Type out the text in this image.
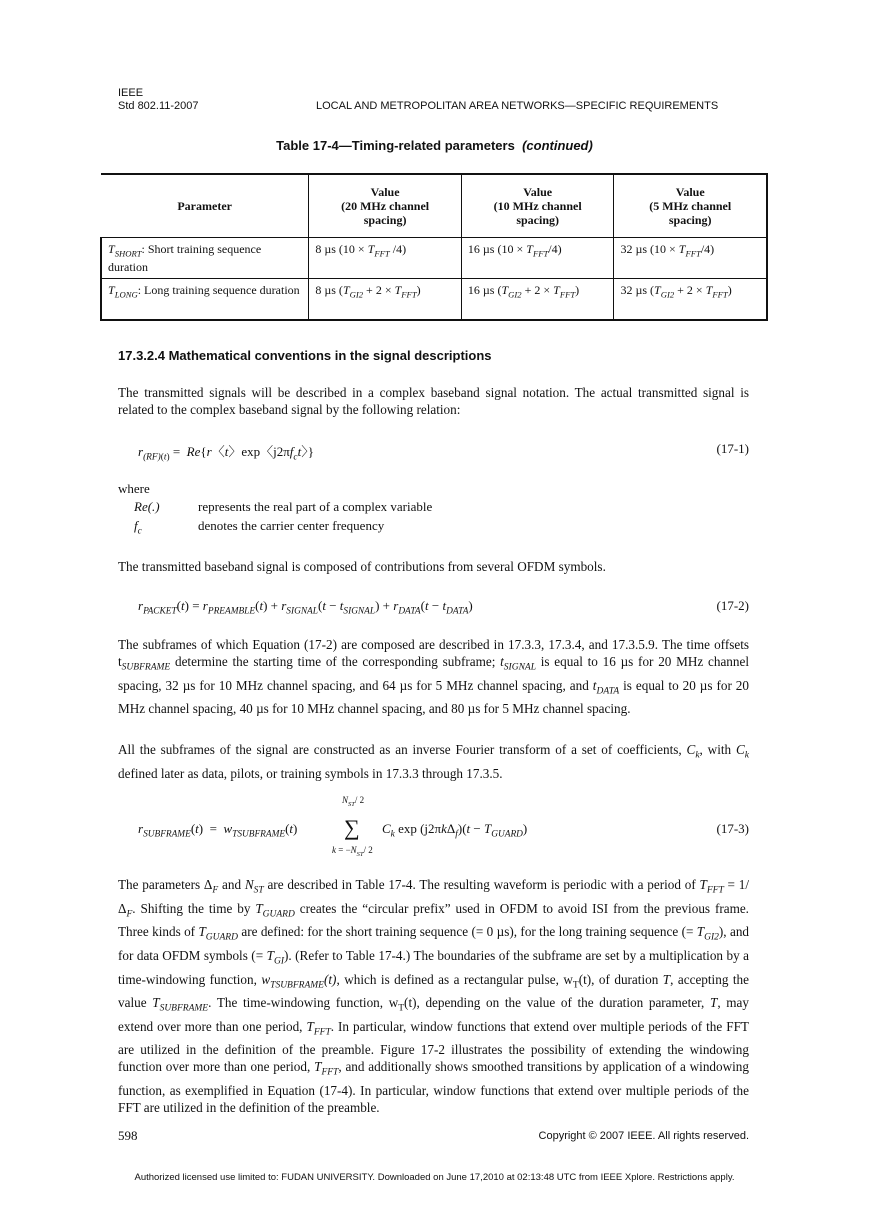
IEEE
Std 802.11-2007	LOCAL AND METROPOLITAN AREA NETWORKS—SPECIFIC REQUIREMENTS
Table 17-4—Timing-related parameters (continued)
Parameter	Value
(20 MHz channel
spacing)	Value
(10 MHz channel
spacing)	Value
(5 MHz channel
spacing)
$T_{SHORT}$: Short training sequence duration	8 µs ($10 \times T_{FFT}$ /4)	16 µs $(10 \times T_{FFT}/4)$	32 µs $(10 \times T_{FFT}/4)$
$T_{LONG}$: Long training sequence duration	8 µs $(T_{GI2} + 2 \times T_{FFT})$	16 µs $(T_{GI2} + 2 \times T_{FFT})$	32 µs $(T_{GI2} + 2 \times T_{FFT})$
17.3.2.4 Mathematical conventions in the signal descriptions
The transmitted signals will be described in a complex baseband signal notation. The actual transmitted signal is related to the complex baseband signal by the following relation:
$r_{(RF)(t)} = Re\{r$〈t〉exp〈$j2\pi f_ct$〉}	(17-1)
where
Re(.)	represents the real part of a complex variable
$f_c$	denotes the carrier center frequency
The transmitted baseband signal is composed of contributions from several OFDM symbols.
$r_{PACKET}(t) = r_{PREAMBLE}(t) + r_{SIGNAL}(t - t_{SIGNAL}) + r_{DATA}(t - t_{DATA})$	(17-2)
The subframes of which Equation (17-2) are composed are described in 17.3.3, 17.3.4, and 17.3.5.9. The time offsets $t_{SUBFRAME}$ determine the starting time of the corresponding subframe; $t_{SIGNAL}$ is equal to 16 µs for 20 MHz channel spacing, 32 µs for 10 MHz channel spacing, and 64 µs for 5 MHz channel spacing, and $t_{DATA}$ is equal to 20 µs for 20 MHz channel spacing, 40 µs for 10 MHz channel spacing, and 80 µs for 5 MHz channel spacing.
All the subframes of the signal are constructed as an inverse Fourier transform of a set of coefficients, $C_k$, with $C_k$ defined later as data, pilots, or training symbols in 17.3.3 through 17.3.5.
$N_{ST}/$ 2
$r_{SUBFRAME}(t) = w_{TSUBFRAME}(t)$ ∑ $C_k$ $\exp (j2\pi k\Delta_f)(t - T_{GUARD})$
$k = -N_{ST}/$ 2
(17-3)
The parameters $\Delta_F$ and $N_{ST}$ are described in Table 17-4. The resulting waveform is periodic with a period of $T_{FFT} = 1/\Delta_F$. Shifting the time by $T_{GUARD}$ creates the “circular prefix” used in OFDM to avoid ISI from the previous frame. Three kinds of $T_{GUARD}$ are defined: for the short training sequence (= 0 µs), for the long training sequence (= $T_{GI2}$), and for data OFDM symbols (= $T_{GI}$). (Refer to Table 17-4.) The boundaries of the subframe are set by a multiplication by a time-windowing function, $w_{TSUBFRAME}(t)$, which is defined as a rectangular pulse, $w_T(t)$, of duration T, accepting the value $T_{SUBFRAME}$. The time-windowing function, $w_T(t)$, depending on the value of the duration parameter, T, may extend over more than one period, $T_{FFT}$. In particular, window functions that extend over multiple periods of the FFT are utilized in the definition of the preamble. Figure 17-2 illustrates the possibility of extending the windowing function over more than one period, $T_{FFT}$, and additionally shows smoothed transitions by application of a windowing function, as exemplified in Equation (17-4). In particular, window functions that extend over multiple periods of the FFT are utilized in the definition of the preamble.
598	Copyright © 2007 IEEE. All rights reserved.
Authorized licensed use limited to: FUDAN UNIVERSITY. Downloaded on June 17,2010 at 02:13:48 UTC from IEEE Xplore. Restrictions apply.
